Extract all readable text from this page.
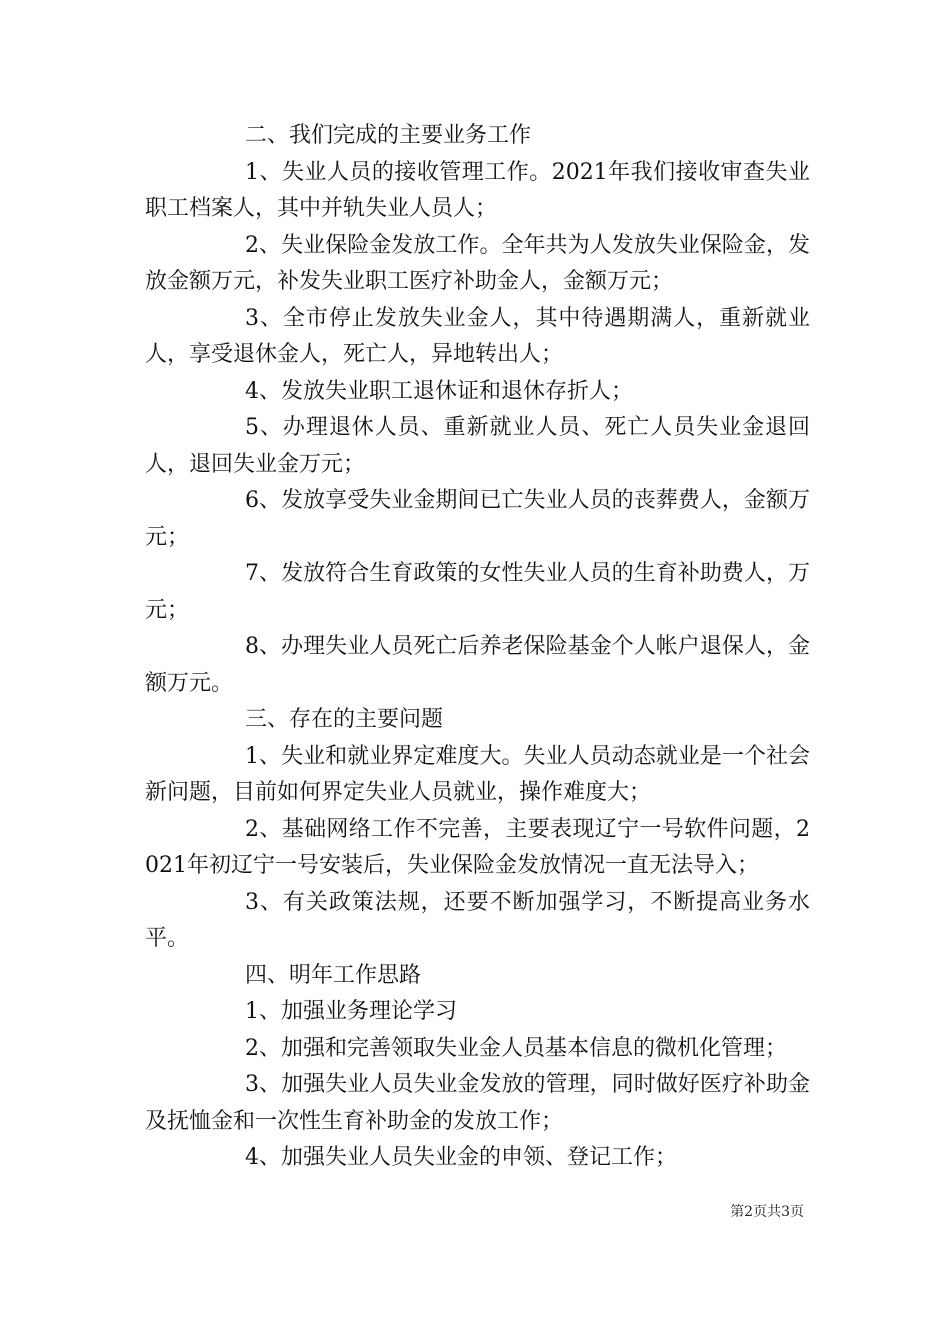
二、我们完成的主要业务工作

1、失业人员的接收管理工作。2021年我们接收审查失业职工档案人，其中并轨失业人员人；

2、失业保险金发放工作。全年共为人发放失业保险金，发放金额万元，补发失业职工医疗补助金人，金额万元；

3、全市停止发放失业金人，其中待遇期满人，重新就业人，享受退休金人，死亡人，异地转出人；

4、发放失业职工退休证和退休存折人；

5、办理退休人员、重新就业人员、死亡人员失业金退回人，退回失业金万元；

6、发放享受失业金期间已亡失业人员的丧葬费人，金额万元；

7、发放符合生育政策的女性失业人员的生育补助费人，万元；

8、办理失业人员死亡后养老保险基金个人帐户退保人，金额万元。

三、存在的主要问题

1、失业和就业界定难度大。失业人员动态就业是一个社会新问题，目前如何界定失业人员就业，操作难度大；

2、基础网络工作不完善，主要表现辽宁一号软件问题，2021年初辽宁一号安装后，失业保险金发放情况一直无法导入；

3、有关政策法规，还要不断加强学习，不断提高业务水平。

四、明年工作思路

1、加强业务理论学习

2、加强和完善领取失业金人员基本信息的微机化管理；

3、加强失业人员失业金发放的管理，同时做好医疗补助金及抚恤金和一次性生育补助金的发放工作；

4、加强失业人员失业金的申领、登记工作；

第2页共3页
